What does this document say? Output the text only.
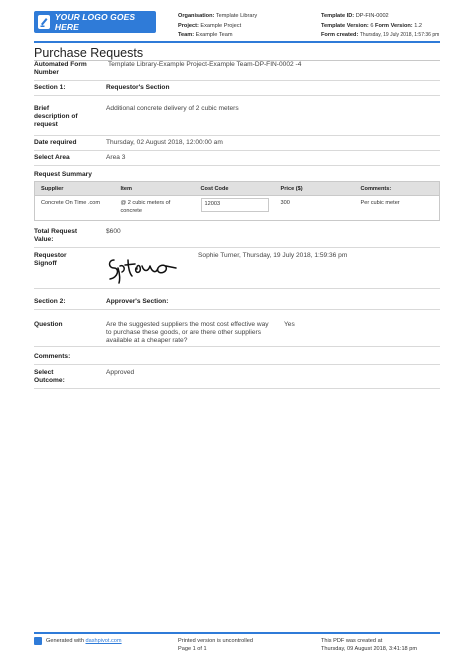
YOUR LOGO GOES HERE
Organisation: Template Library
Project: Example Project
Team: Example Team
Template ID: DP-FIN-0002
Template Version: 6 Form Version: 1.2
Form created: Thursday, 19 July 2018, 1:57:36 pm
Purchase Requests
Automated Form Number
Template Library-Example Project-Example Team-DP-FIN-0002 -4
Section 1:	Requestor's Section
Brief description of request
Additional concrete delivery of 2 cubic meters
Date required	Thursday, 02 August 2018, 12:00:00 am
Select Area	Area 3
Request Summary
Supplier	Item	Cost Code	Price ($)	Comments:
Concrete On Time .com	@ 2 cubic meters of concrete	12003	300	Per cubic meter
Total Request Value:
$600
Requestor Signoff
Sophie Turner, Thursday, 19 July 2018, 1:59:36 pm
Section 2:	Approver's Section:
Question	Are the suggested suppliers the most cost effective way to purchase these goods, or are there other suppliers available at a cheaper rate?
Yes
Comments:
Select Outcome:
Approved
Generated with dashpivot.com	Printed version is uncontrolled
Page 1 of 1
This PDF was created at
Thursday, 09 August 2018, 3:41:18 pm
